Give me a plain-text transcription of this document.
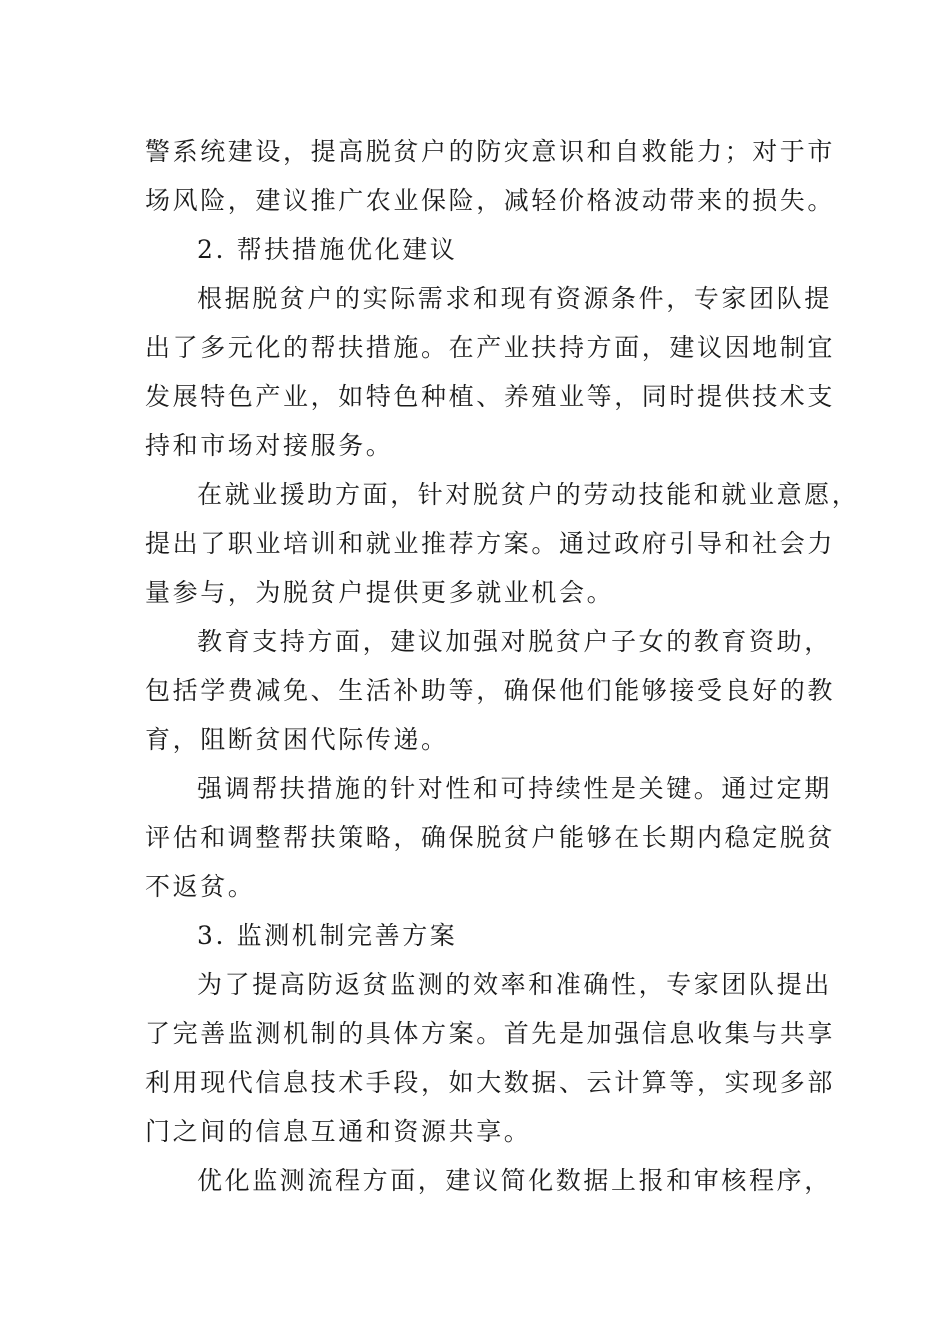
警系统建设，提高脱贫户的防灾意识和自救能力；对于市
场风险，建议推广农业保险，减轻价格波动带来的损失。
2. 帮扶措施优化建议
根据脱贫户的实际需求和现有资源条件，专家团队提
出了多元化的帮扶措施。在产业扶持方面，建议因地制宜
发展特色产业，如特色种植、养殖业等，同时提供技术支
持和市场对接服务。
在就业援助方面，针对脱贫户的劳动技能和就业意愿，
提出了职业培训和就业推荐方案。通过政府引导和社会力
量参与，为脱贫户提供更多就业机会。
教育支持方面，建议加强对脱贫户子女的教育资助，
包括学费减免、生活补助等，确保他们能够接受良好的教
育，阻断贫困代际传递。
强调帮扶措施的针对性和可持续性是关键。通过定期
评估和调整帮扶策略，确保脱贫户能够在长期内稳定脱贫
不返贫。
3. 监测机制完善方案
为了提高防返贫监测的效率和准确性，专家团队提出
了完善监测机制的具体方案。首先是加强信息收集与共享
利用现代信息技术手段，如大数据、云计算等，实现多部
门之间的信息互通和资源共享。
优化监测流程方面，建议简化数据上报和审核程序，
